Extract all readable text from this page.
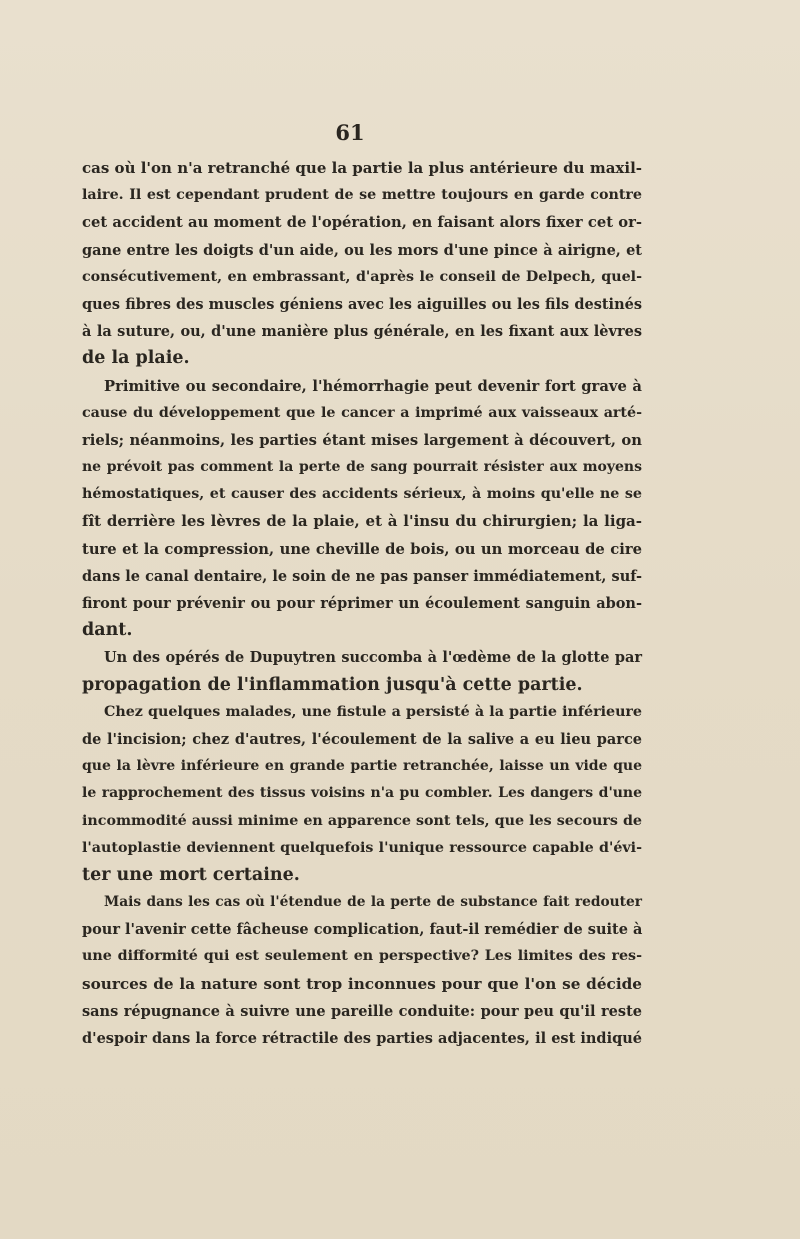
61
cas où l'on n'a retranché que la partie la plus antérieure du maxil-
laire. Il est cependant prudent de se mettre toujours en garde contre
cet accident au moment de l'opération, en faisant alors fixer cet or-
gane entre les doigts d'un aide, ou les mors d'une pince à airigne, et
consécutivement, en embrassant, d'après le conseil de Delpech, quel-
ques fibres des muscles géniens avec les aiguilles ou les fils destinés
à la suture, ou, d'une manière plus générale, en les fixant aux lèvres
de la plaie.
Primitive ou secondaire, l'hémorrhagie peut devenir fort grave à
cause du développement que le cancer a imprimé aux vaisseaux arté-
riels; néanmoins, les parties étant mises largement à découvert, on
ne prévoit pas comment la perte de sang pourrait résister aux moyens
hémostatiques, et causer des accidents sérieux, à moins qu'elle ne se
fît derrière les lèvres de la plaie, et à l'insu du chirurgien; la liga-
ture et la compression, une cheville de bois, ou un morceau de cire
dans le canal dentaire, le soin de ne pas panser immédiatement, suf-
firont pour prévenir ou pour réprimer un écoulement sanguin abon-
dant.
Un des opérés de Dupuytren succomba à l'œdème de la glotte par
propagation de l'inflammation jusqu'à cette partie.
Chez quelques malades, une fistule a persisté à la partie inférieure
de l'incision; chez d'autres, l'écoulement de la salive a eu lieu parce
que la lèvre inférieure en grande partie retranchée, laisse un vide que
le rapprochement des tissus voisins n'a pu combler. Les dangers d'une
incommodité aussi minime en apparence sont tels, que les secours de
l'autoplastie deviennent quelquefois l'unique ressource capable d'évi-
ter une mort certaine.
Mais dans les cas où l'étendue de la perte de substance fait redouter
pour l'avenir cette fâcheuse complication, faut-il remédier de suite à
une difformité qui est seulement en perspective? Les limites des res-
sources de la nature sont trop inconnues pour que l'on se décide
sans répugnance à suivre une pareille conduite: pour peu qu'il reste
d'espoir dans la force rétractile des parties adjacentes, il est indiqué
